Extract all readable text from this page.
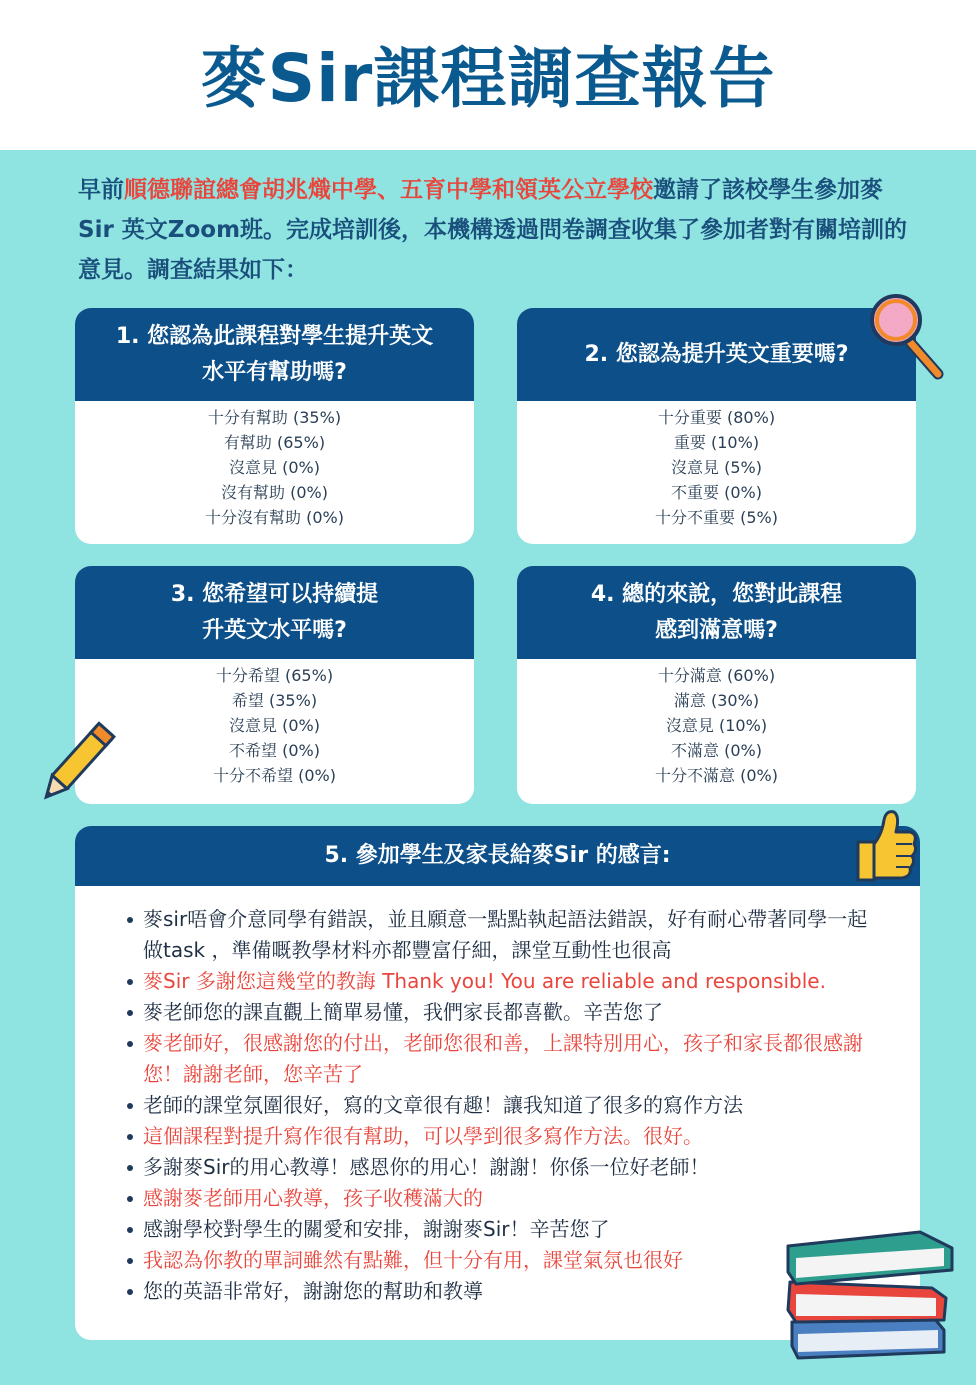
麥Sir課程調查報告
早前順德聯誼總會胡兆熾中學、五育中學和領英公立學校邀請了該校學生參加麥Sir 英文Zoom班。完成培訓後，本機構透過問卷調查收集了參加者對有關培訓的意見。調查結果如下：
1. 您認為此課程對學生提升英文水平有幫助嗎?
十分有幫助 (35%)
有幫助 (65%)
沒意見 (0%)
沒有幫助 (0%)
十分沒有幫助 (0%)
2. 您認為提升英文重要嗎?
十分重要 (80%)
重要 (10%)
沒意見 (5%)
不重要 (0%)
十分不重要 (5%)
3. 您希望可以持續提升英文水平嗎?
十分希望 (65%)
希望 (35%)
沒意見 (0%)
不希望 (0%)
十分不希望 (0%)
4. 總的來說，您對此課程感到滿意嗎?
十分滿意 (60%)
滿意 (30%)
沒意見 (10%)
不滿意 (0%)
十分不滿意 (0%)
5. 參加學生及家長給麥Sir 的感言:
麥sir唔會介意同學有錯誤，並且願意一點點執起語法錯誤，好有耐心帶著同學一起做task ，準備嘅教學材料亦都豐富仔細，課堂互動性也很高
麥Sir 多謝您這幾堂的教誨 Thank you! You are reliable and responsible.
麥老師您的課直觀上簡單易懂，我們家長都喜歡。辛苦您了
麥老師好，很感謝您的付出，老師您很和善，上課特別用心，孩子和家長都很感謝您！謝謝老師，您辛苦了
老師的課堂氛圍很好，寫的文章很有趣！讓我知道了很多的寫作方法
這個課程對提升寫作很有幫助，可以學到很多寫作方法。很好。
多謝麥Sir的用心教導！感恩你的用心！謝謝！你係一位好老師！
感謝麥老師用心教導，孩子收穫滿大的
感謝學校對學生的關愛和安排，謝謝麥Sir！辛苦您了
我認為你教的單詞雖然有點難，但十分有用，課堂氣氛也很好
您的英語非常好，謝謝您的幫助和教導
